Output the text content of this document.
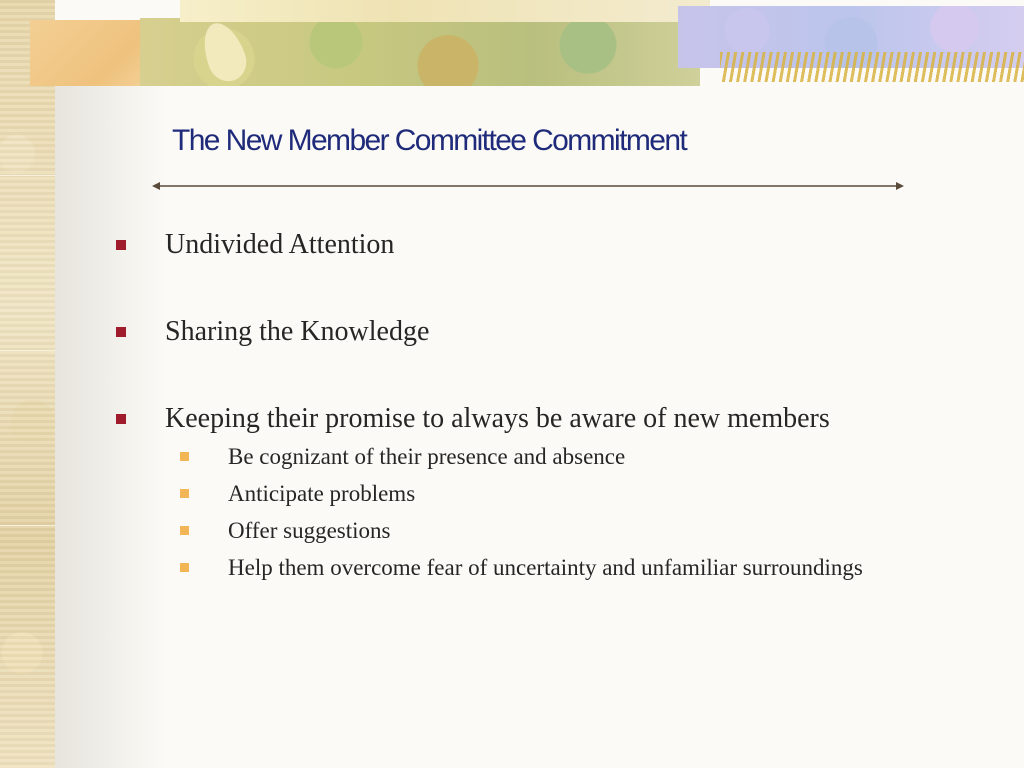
The New Member Committee Commitment
Undivided Attention
Sharing the Knowledge
Keeping their promise to always be aware of new members
Be cognizant of their presence and absence
Anticipate problems
Offer suggestions
Help them overcome fear of uncertainty and unfamiliar surroundings
